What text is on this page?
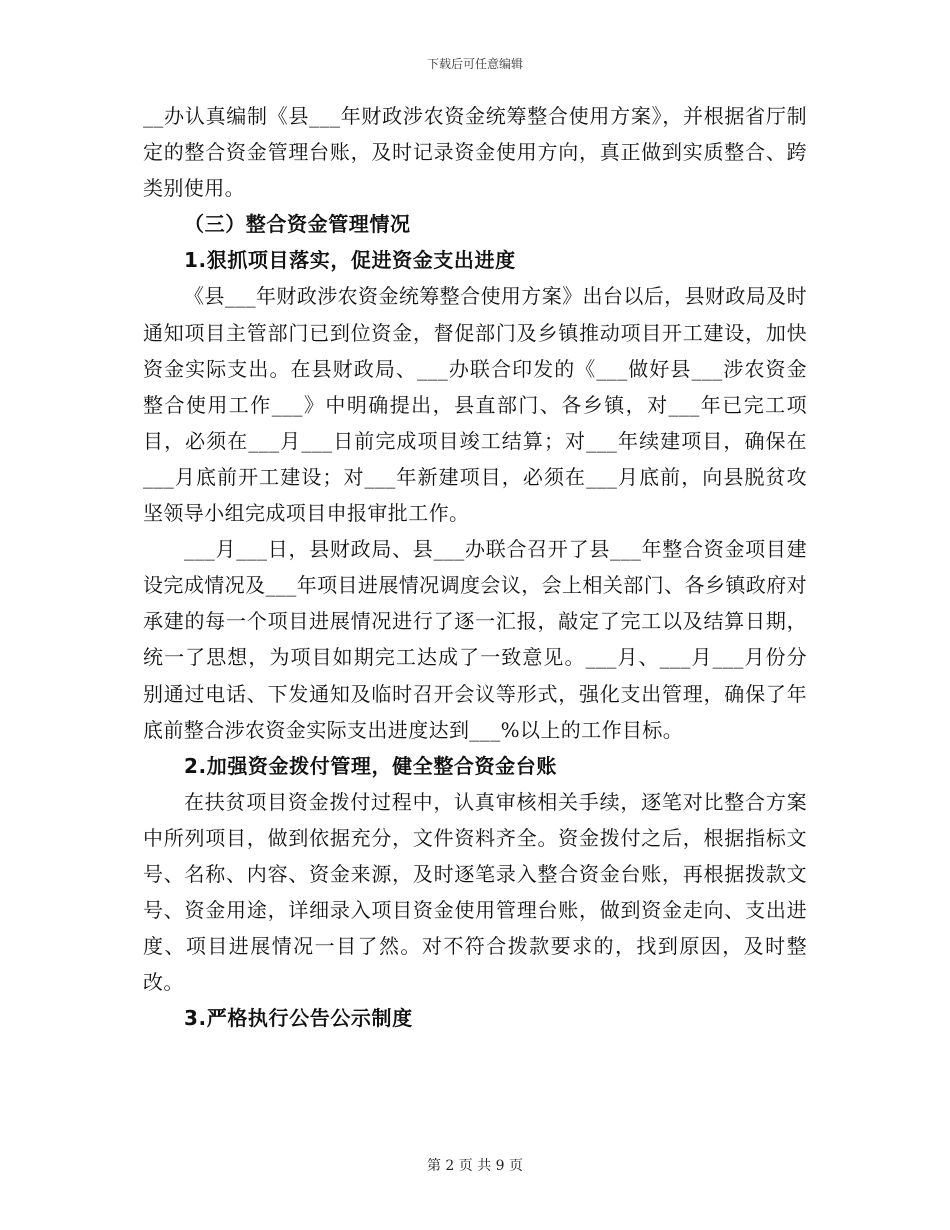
下载后可任意编辑

__办认真编制《县___年财政涉农资金统筹整合使用方案》，并根据省厅制定的整合资金管理台账，及时记录资金使用方向，真正做到实质整合、跨类别使用。

（三）整合资金管理情况

1.狠抓项目落实，促进资金支出进度

《县___年财政涉农资金统筹整合使用方案》出台以后，县财政局及时通知项目主管部门已到位资金，督促部门及乡镇推动项目开工建设，加快资金实际支出。在县财政局、___办联合印发的《___做好县___涉农资金整合使用工作___》中明确提出，县直部门、各乡镇，对___年已完工项目，必须在___月___日前完成项目竣工结算；对___年续建项目，确保在___月底前开工建设；对___年新建项目，必须在___月底前，向县脱贫攻坚领导小组完成项目申报审批工作。

___月___日，县财政局、县___办联合召开了县___年整合资金项目建设完成情况及___年项目进展情况调度会议，会上相关部门、各乡镇政府对承建的每一个项目进展情况进行了逐一汇报，敲定了完工以及结算日期，统一了思想，为项目如期完工达成了一致意见。___月、___月___月份分别通过电话、下发通知及临时召开会议等形式，强化支出管理，确保了年底前整合涉农资金实际支出进度达到___%以上的工作目标。

2.加强资金拨付管理，健全整合资金台账

在扶贫项目资金拨付过程中，认真审核相关手续，逐笔对比整合方案中所列项目，做到依据充分，文件资料齐全。资金拨付之后，根据指标文号、名称、内容、资金来源，及时逐笔录入整合资金台账，再根据拨款文号、资金用途，详细录入项目资金使用管理台账，做到资金走向、支出进度、项目进展情况一目了然。对不符合拨款要求的，找到原因，及时整改。

3.严格执行公告公示制度

第 2 页 共 9 页
